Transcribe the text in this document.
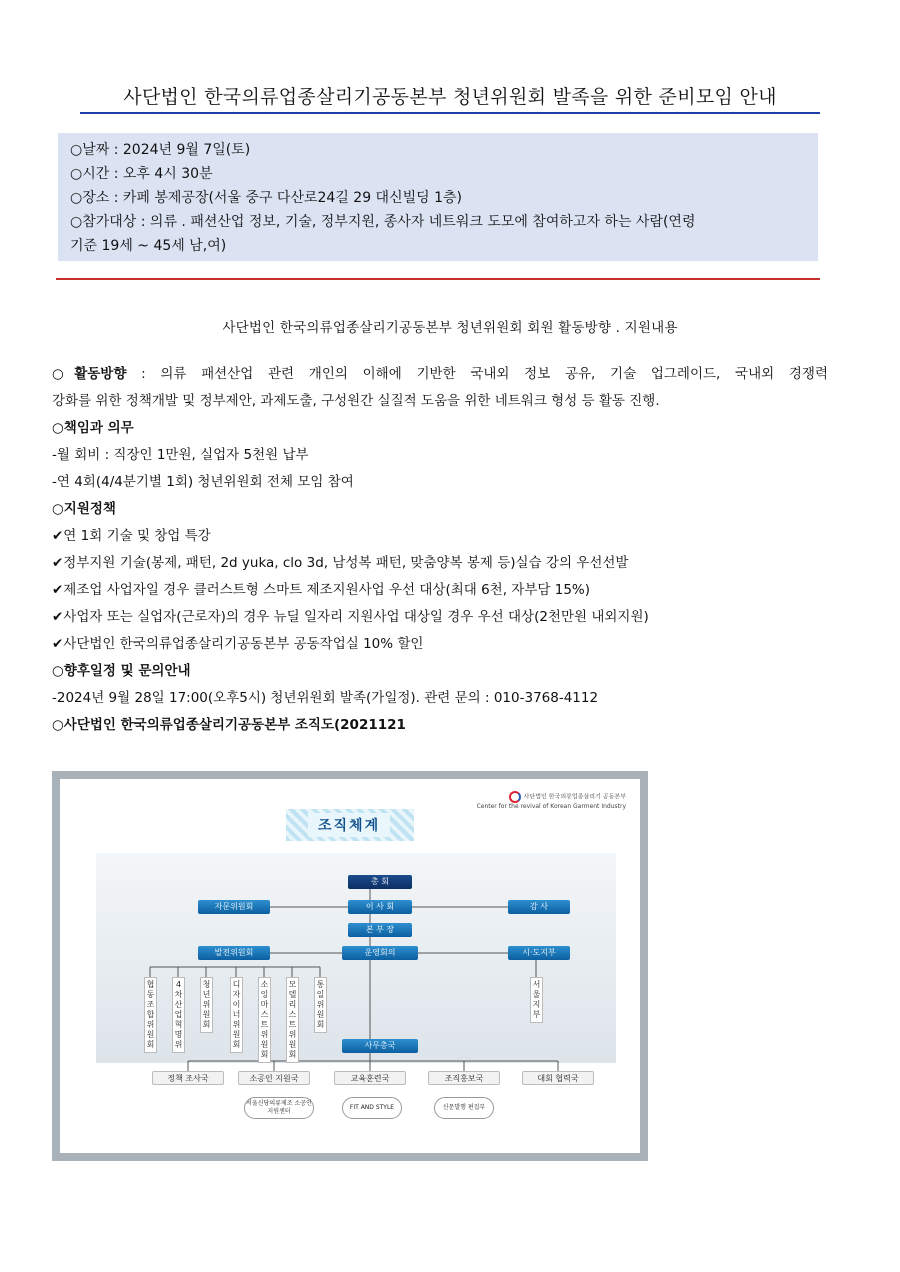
사단법인 한국의류업종살리기공동본부 청년위원회 발족을 위한 준비모임 안내
○날짜 : 2024년 9월 7일(토)
○시간 : 오후 4시 30분
○장소 : 카페 봉제공장(서울 중구 다산로24길 29 대신빌딩 1층)
○참가대상 : 의류 . 패션산업 정보, 기술, 정부지원, 종사자 네트워크 도모에 참여하고자 하는 사람(연령
기준 19세 ~ 45세 남,여)
사단법인 한국의류업종살리기공동본부 청년위원회 회원 활동방향 . 지원내용
○활동방향 : 의류 패션산업 관련 개인의 이해에 기반한 국내외 정보 공유, 기술 업그레이드, 국내외 경쟁력
강화를 위한 정책개발 및 정부제안, 과제도출, 구성원간 실질적 도움을 위한 네트워크 형성 등 활동 진행.
○책임과 의무
-월 회비 : 직장인 1만원, 실업자 5천원 납부
-연 4회(4/4분기별 1회) 청년위원회 전체 모임 참여
○지원정책
✔연 1회 기술 및 창업 특강
✔정부지원 기술(봉제, 패턴, 2d yuka, clo 3d, 남성복 패턴, 맞춤양복 봉제 등)실습 강의 우선선발
✔제조업 사업자일 경우 클러스트형 스마트 제조지원사업 우선 대상(최대 6천, 자부담 15%)
✔사업자 또는 실업자(근로자)의 경우 뉴딜 일자리 지원사업 대상일 경우 우선 대상(2천만원 내외지원)
✔사단법인 한국의류업종살리기공동본부 공동작업실 10% 할인
○향후일정 및 문의안내
-2024년 9월 28일 17:00(오후5시) 청년위원회 발족(가일정). 관련 문의 : 010-3768-4112
○사단법인 한국의류업종살리기공동본부 조직도(2021121
사단법인 한국의류업종살리기 공동본부
Center for the revival of Korean Garment Industry
조직체계
총 회
자문위원회	이 사 회	감 사
본 부 장
발전위원회	운영회의	시·도지부
협
동
조
합
위
원
회
4
차
산
업
혁
명
위
청
년
위
원
회
디
자
이
너
위
원
회
소
잉
마
스
트
위
원
회
모
델
리
스
트
위
원
회
통
일
위
원
회
서
울
지
부
사무총국
정책 조사국	소공인 지원국	교육훈련국	조직홍보국	대회 협력국
서울신당의류제조 소공인지원센터
FIT AND STYLE	신문발행 편집부
